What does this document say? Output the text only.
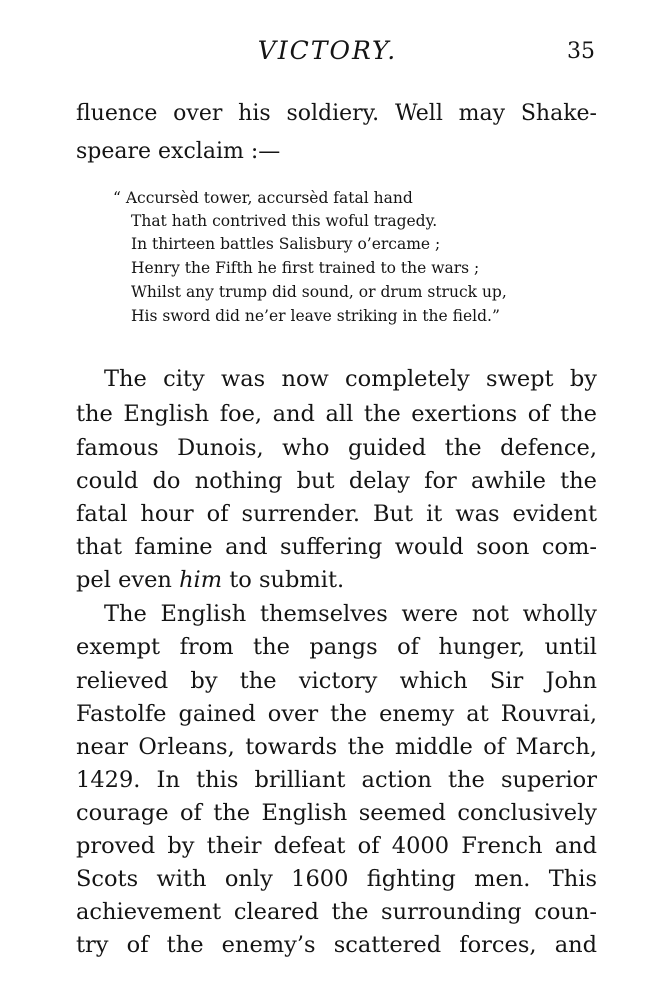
VICTORY.	35
fluence over his soldiery. Well may Shake-
speare exclaim :—
“ Accursèd tower, accursèd fatal hand
That hath contrived this woful tragedy.
In thirteen battles Salisbury o’ercame ;
Henry the Fifth he first trained to the wars ;
Whilst any trump did sound, or drum struck up,
His sword did ne’er leave striking in the field.”
The city was now completely swept by
the English foe, and all the exertions of the
famous Dunois, who guided the defence,
could do nothing but delay for awhile the
fatal hour of surrender. But it was evident
that famine and suffering would soon com-
pel even him to submit.
The English themselves were not wholly
exempt from the pangs of hunger, until
relieved by the victory which Sir John
Fastolfe gained over the enemy at Rouvrai,
near Orleans, towards the middle of March,
1429. In this brilliant action the superior
courage of the English seemed conclusively
proved by their defeat of 4000 French and
Scots with only 1600 fighting men. This
achievement cleared the surrounding coun-
try of the enemy’s scattered forces, and
